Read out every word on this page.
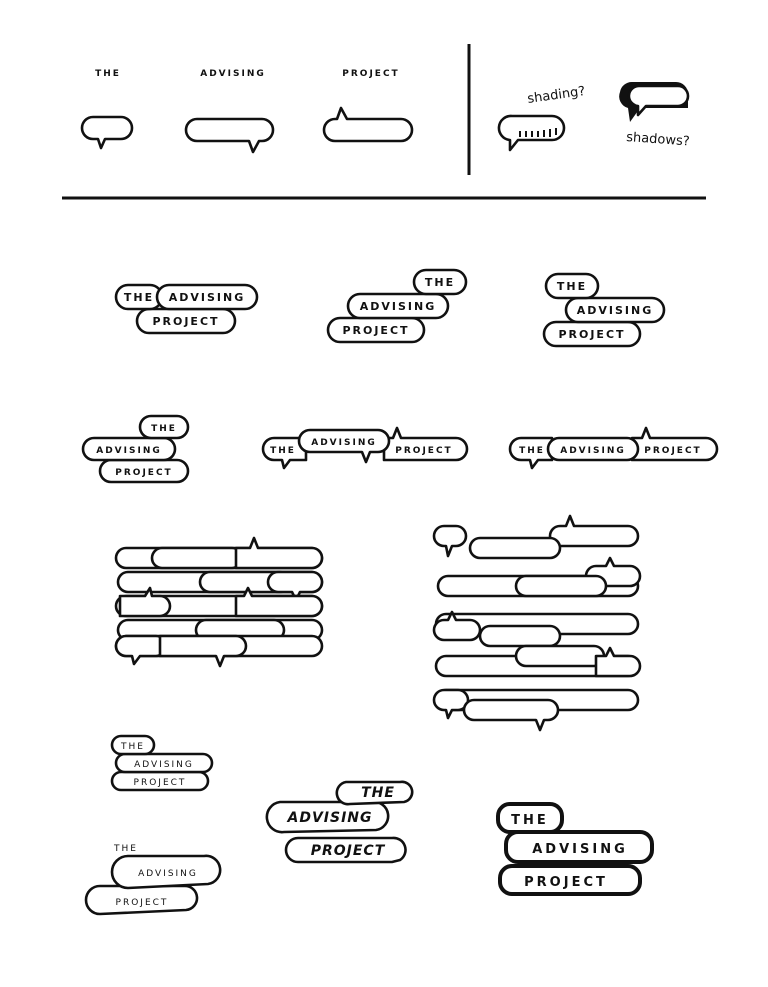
THE	ADVISING	PROJECT
shading?
shadows?
THE ADVISING
PROJECT
THE
ADVISING
PROJECT
THE
ADVISING
PROJECT
THE
ADVISING
PROJECT
THE
ADVISING
PROJECT	THE ADVISING PROJECT
THE
ADVISING
PROJECT
THE
ADVISING
PROJECT
THE
ADVISING
PROJECT
THE
ADVISING
PROJECT
